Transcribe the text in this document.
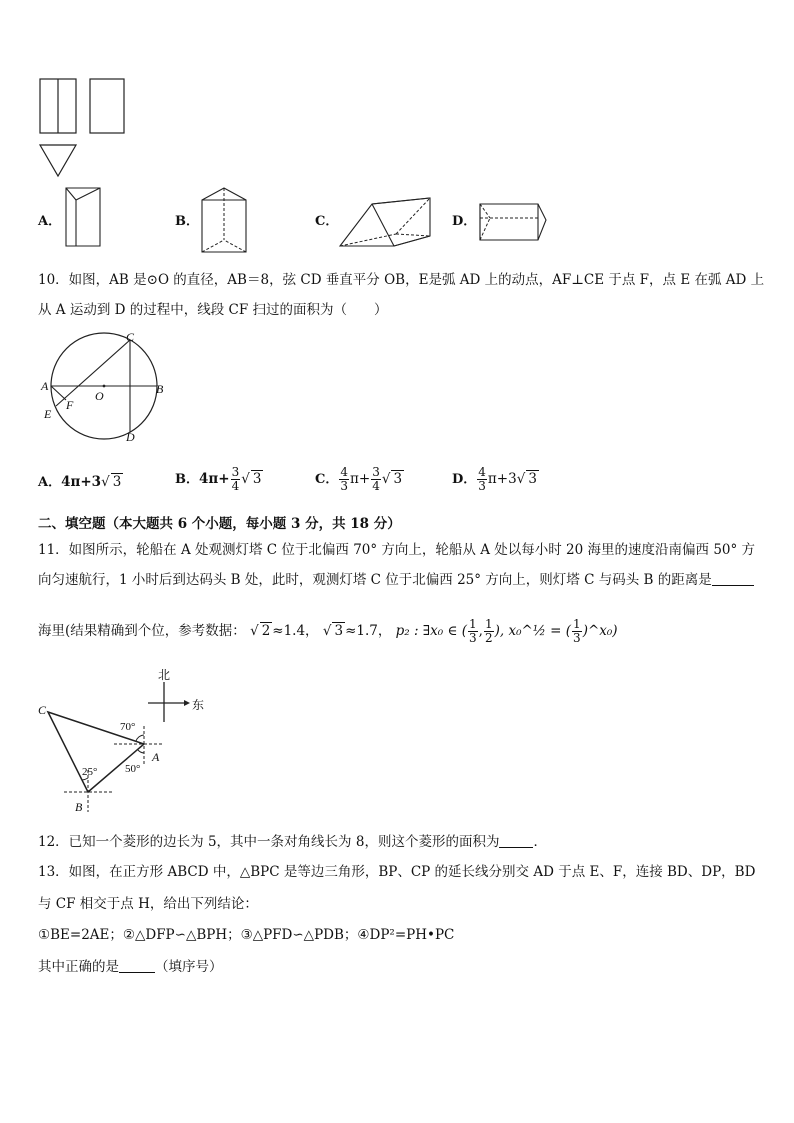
A．	B．	C．	D．
10．如图，AB 是⊙O 的直径，AB＝8，弦 CD 垂直平分 OB，E是弧 AD 上的动点，AF⊥CE 于点 F，点 E 在弧 AD 上
从 A 运动到 D 的过程中，线段 CF 扫过的面积为（　　）
C
A
O	B
E
F
D
A．4π+3√ 3	B．$4\pi+ \frac{3}{4}$ √ 3	C． $\frac{4}{3} \pi+ \frac{3}{4}$ √ 3	D． $\frac{4}{3} \pi+3√$ 3
二、填空题（本大题共 6 个小题，每小题 3 分，共 18 分）
11．如图所示，轮船在 A 处观测灯塔 C 位于北偏西 70° 方向上，轮船从 A 处以每小时 20 海里的速度沿南偏西 50° 方
向匀速航行，1 小时后到达码头 B 处，此时，观测灯塔 C 位于北偏西 25° 方向上，则灯塔 C 与码头 B 的距离是
海里(结果精确到个位，参考数据： √ 2 ≈1.4， √ 3 ≈1.7， p₂ : ∃x₀ ∈ ( $\frac{1}{3}$ , $\frac{1}{2}$ ), x₀^½ = ( $\frac{1}{3}$ )^x₀)
北
东
C
A
B
70°
50°
25°
12．已知一个菱形的边长为 5，其中一条对角线长为 8，则这个菱形的面积为	．
13．如图，在正方形 ABCD 中，△BPC 是等边三角形，BP、CP 的延长线分别交 AD 于点 E、F，连接 BD、DP，BD
与 CF 相交于点 H，给出下列结论：
①BE=2AE；②△DFP∽△BPH；③△PFD∽△PDB；④DP²=PH•PC
其中正确的是	（填序号）
